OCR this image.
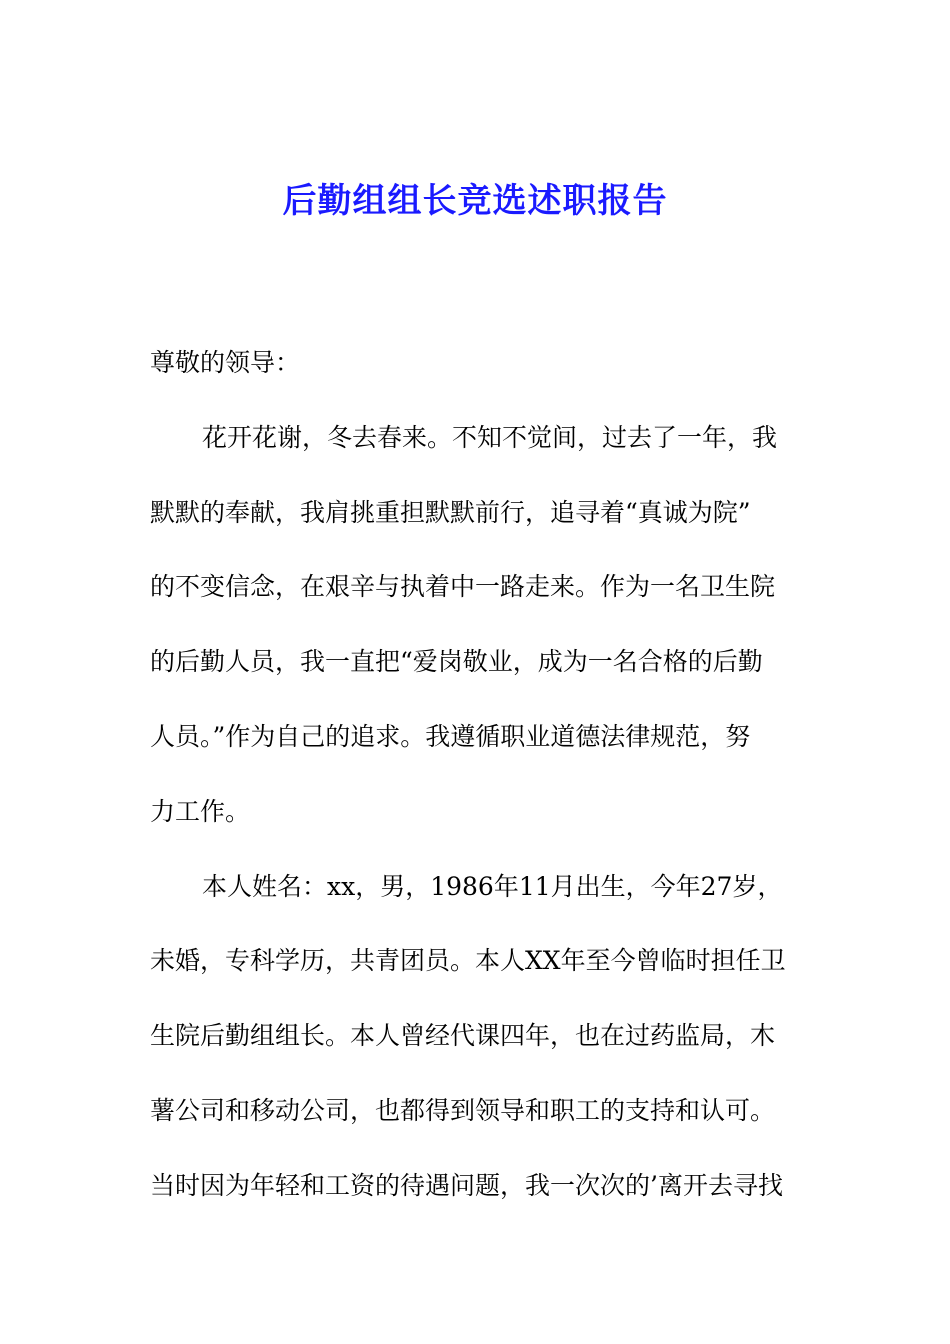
后勤组组长竞选述职报告
尊敬的领导：
花开花谢，冬去春来。不知不觉间，过去了一年，我
默默的奉献，我肩挑重担默默前行，追寻着“真诚为院”
的不变信念，在艰辛与执着中一路走来。作为一名卫生院
的后勤人员，我一直把“爱岗敬业，成为一名合格的后勤
人员。”作为自己的追求。我遵循职业道德法律规范，努
力工作。
本人姓名：xx，男，1986年11月出生，今年27岁，
未婚，专科学历，共青团员。本人XX年至今曾临时担任卫
生院后勤组组长。本人曾经代课四年，也在过药监局，木
薯公司和移动公司，也都得到领导和职工的支持和认可。
当时因为年轻和工资的待遇问题，我一次次的’离开去寻找
